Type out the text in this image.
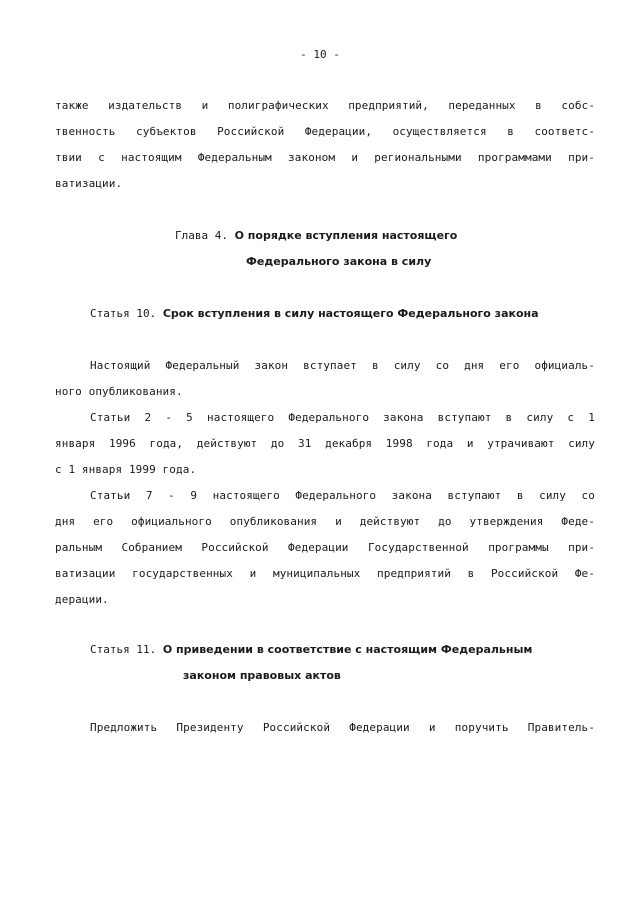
- 10 -
также издательств и полиграфических предприятий, переданных в собс-
твенность субъектов Российской Федерации, осуществляется в соответс-
твии с настоящим Федеральным законом и региональными программами при-
ватизации.
Глава 4. О порядке вступления настоящего
Федерального закона в силу
Статья 10. Срок вступления в силу настоящего Федерального закона
Настоящий Федеральный закон вступает в силу со дня его официаль-
ного опубликования.
Статьи 2 - 5 настоящего Федерального закона вступают в силу с 1
января 1996 года, действуют до 31 декабря 1998 года и утрачивают силу
с 1 января 1999 года.
Статьи 7 - 9 настоящего Федерального закона вступают в силу со
дня его официального опубликования и действуют до утверждения Феде-
ральным Собранием Российской Федерации Государственной программы при-
ватизации государственных и муниципальных предприятий в Российской Фе-
дерации.
Статья 11. О приведении в соответствие с настоящим Федеральным
законом правовых актов
Предложить Президенту Российской Федерации и поручить Правитель-
